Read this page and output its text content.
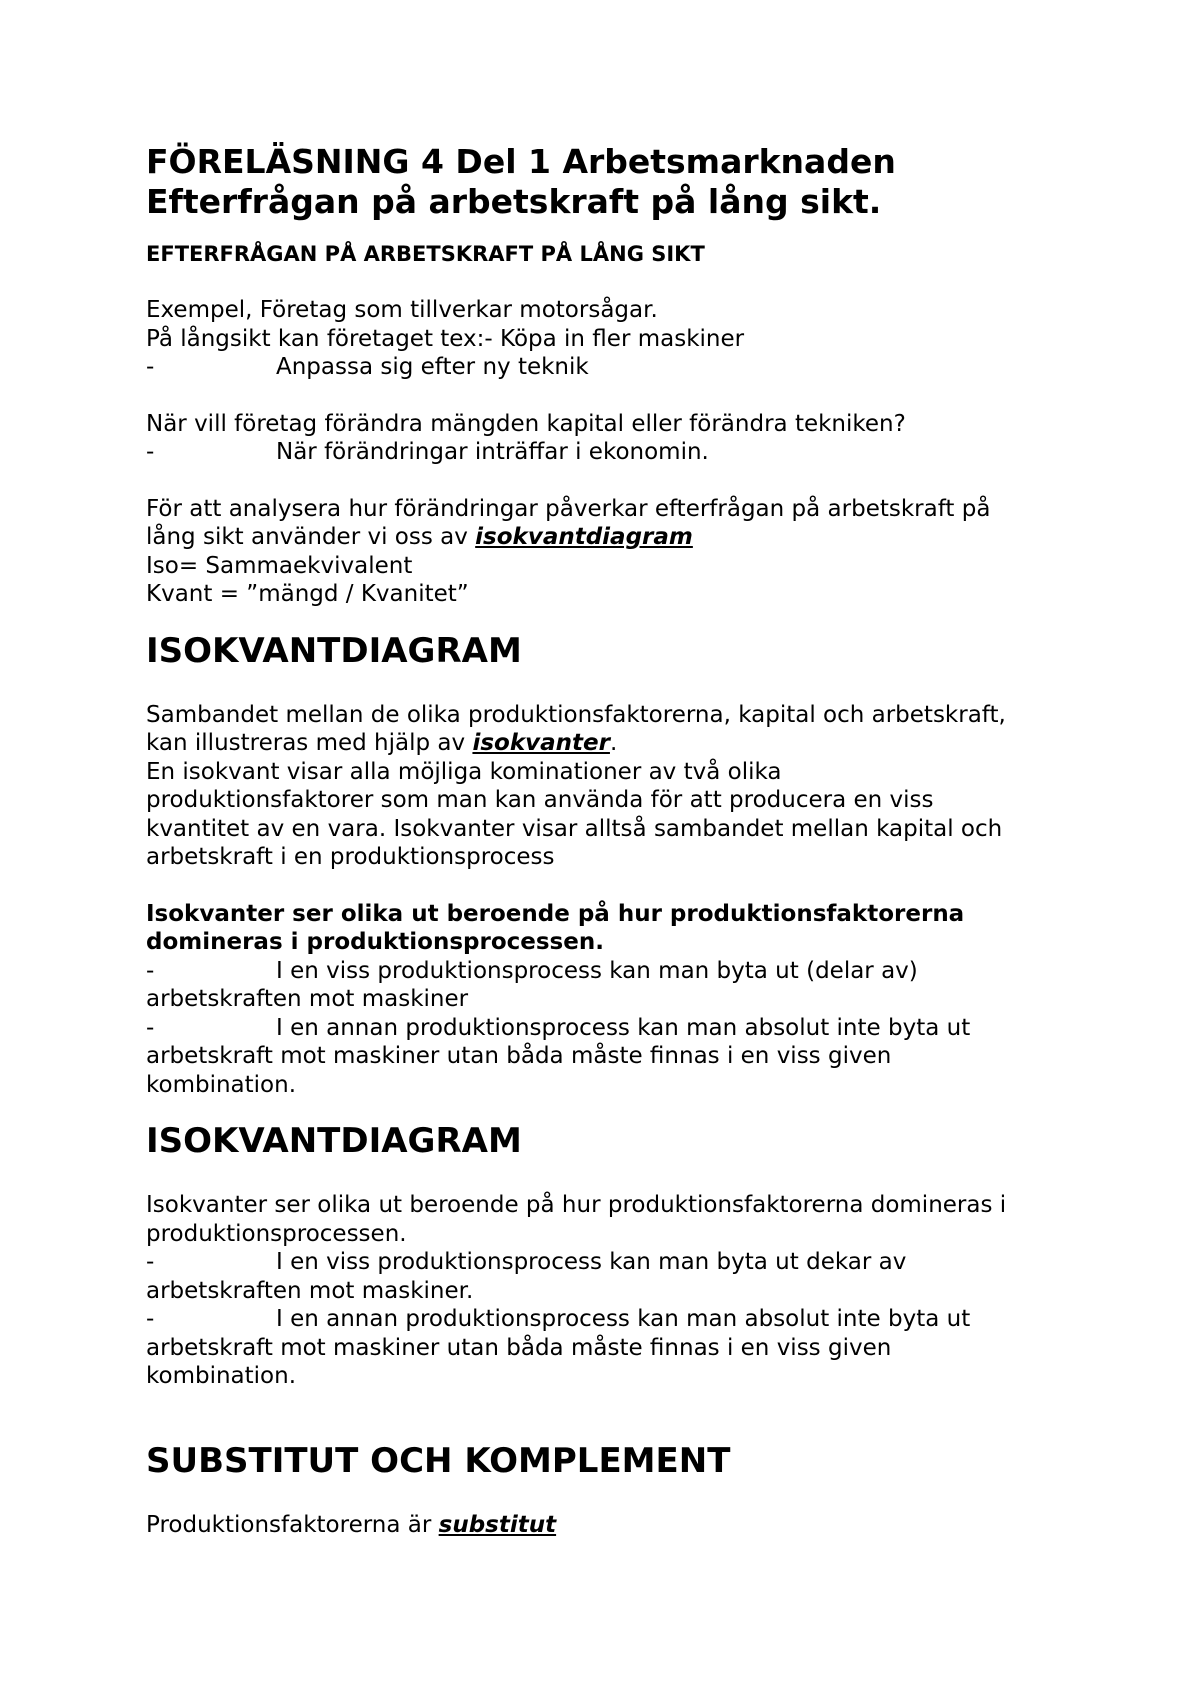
FÖRELÄSNING 4 Del 1 Arbetsmarknaden
Efterfrågan på arbetskraft på lång sikt.

EFTERFRÅGAN PÅ ARBETSKRAFT PÅ LÅNG SIKT

Exempel, Företag som tillverkar motorsågar.
På långsikt kan företaget tex:- Köpa in fler maskiner

-	Anpassa sig efter ny teknik

När vill företag förändra mängden kapital eller förändra tekniken?

-	När förändringar inträffar i ekonomin.

För att analysera hur förändringar påverkar efterfrågan på arbetskraft på
lång sikt använder vi oss av isokvantdiagram
Iso= Sammaekvivalent
Kvant = ”mängd / Kvanitet”

ISOKVANTDIAGRAM

Sambandet mellan de olika produktionsfaktorerna, kapital och arbetskraft,
kan illustreras med hjälp av isokvanter.
En isokvant visar alla möjliga kominationer av två olika
produktionsfaktorer som man kan använda för att producera en viss
kvantitet av en vara. Isokvanter visar alltså sambandet mellan kapital och
arbetskraft i en produktionsprocess

Isokvanter ser olika ut beroende på hur produktionsfaktorerna
domineras i produktionsprocessen.
-	I en viss produktionsprocess kan man byta ut (delar av)
arbetskraften mot maskiner
-	I en annan produktionsprocess kan man absolut inte byta ut
arbetskraft mot maskiner utan båda måste finnas i en viss given
kombination.

ISOKVANTDIAGRAM

Isokvanter ser olika ut beroende på hur produktionsfaktorerna domineras i
produktionsprocessen.
-	I en viss produktionsprocess kan man byta ut dekar av
arbetskraften mot maskiner.
-	I en annan produktionsprocess kan man absolut inte byta ut
arbetskraft mot maskiner utan båda måste finnas i en viss given
kombination.

SUBSTITUT OCH KOMPLEMENT

Produktionsfaktorerna är substitut
